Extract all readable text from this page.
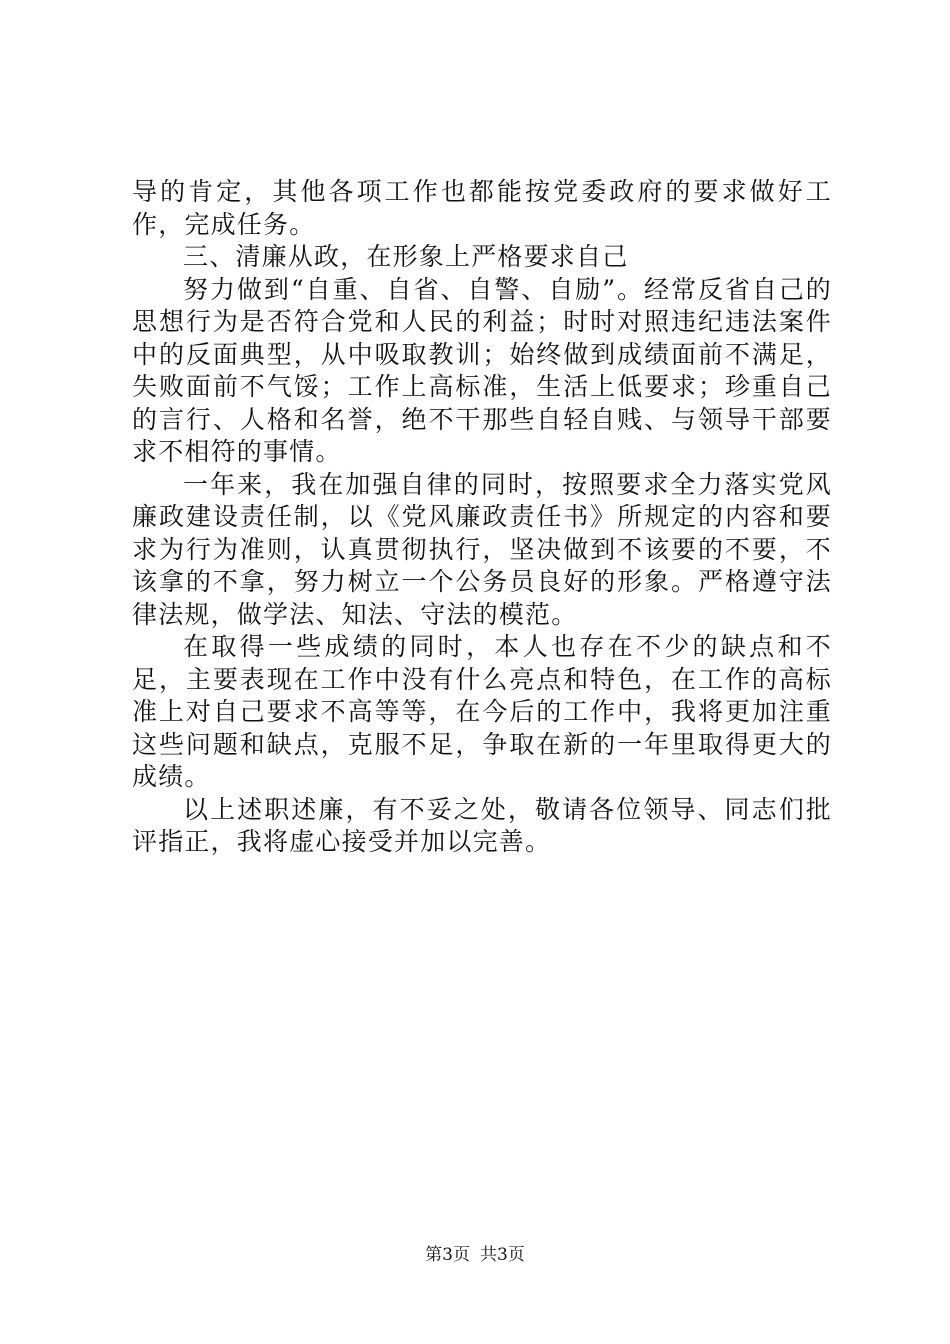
导的肯定，其他各项工作也都能按党委政府的要求做好工作，完成任务。

三、清廉从政，在形象上严格要求自己

努力做到“自重、自省、自警、自励”。经常反省自己的思想行为是否符合党和人民的利益；时时对照违纪违法案件中的反面典型，从中吸取教训；始终做到成绩面前不满足，失败面前不气馁；工作上高标准，生活上低要求；珍重自己的言行、人格和名誉，绝不干那些自轻自贱、与领导干部要求不相符的事情。

一年来，我在加强自律的同时，按照要求全力落实党风廉政建设责任制，以《党风廉政责任书》所规定的内容和要求为行为准则，认真贯彻执行，坚决做到不该要的不要，不该拿的不拿，努力树立一个公务员良好的形象。严格遵守法律法规，做学法、知法、守法的模范。

在取得一些成绩的同时，本人也存在不少的缺点和不足，主要表现在工作中没有什么亮点和特色，在工作的高标准上对自己要求不高等等，在今后的工作中，我将更加注重这些问题和缺点，克服不足，争取在新的一年里取得更大的成绩。

以上述职述廉，有不妥之处，敬请各位领导、同志们批评指正，我将虚心接受并加以完善。

第3页 共3页
